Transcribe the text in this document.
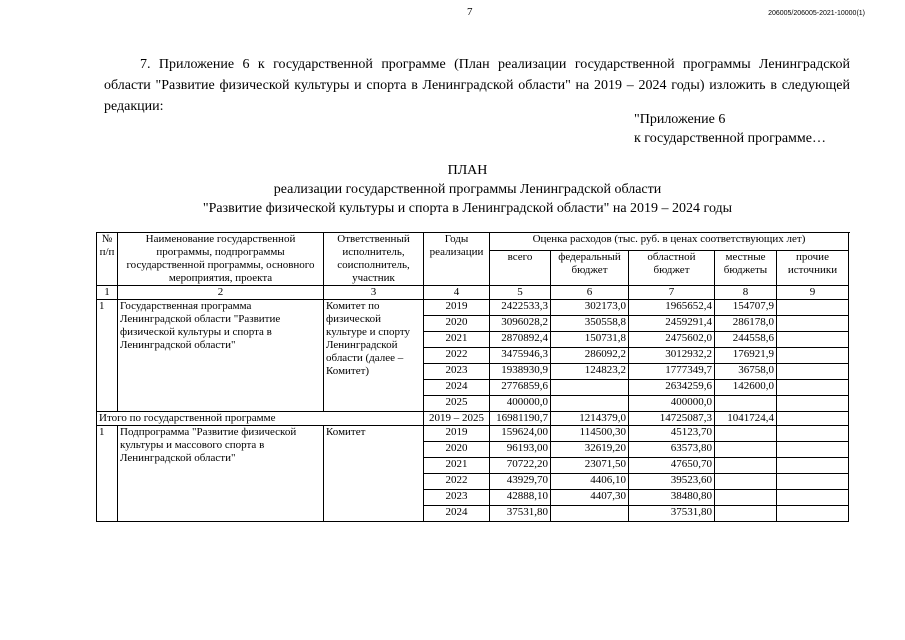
7	206005/206005-2021-10000(1)
7. Приложение 6 к государственной программе (План реализации государственной программы Ленинградской области "Развитие физической культуры и спорта в Ленинградской области" на 2019 – 2024 годы) изложить в следующей редакции:
"Приложение 6
к государственной программе…
ПЛАН
реализации государственной программы Ленинградской области
"Развитие физической культуры и спорта в Ленинградской области" на 2019 – 2024 годы
№ п/п	Наименование государственной программы, подпрограммы государственной программы, основного мероприятия, проекта	Ответственный исполнитель, соисполнитель, участник	Годы реализации	Оценка расходов (тыс. руб. в ценах соответствующих лет)				
				всего	федеральный бюджет	областной бюджет	местные бюджеты	прочие источники
1	2	3	4	5	6	7	8	9
1	Государственная программа Ленинградской области "Развитие физической культуры и спорта в Ленинградской области"	Комитет по физической культуре и спорту Ленинградской области (далее – Комитет)	2019	2422533,3	302173,0	1965652,4	154707,9	
			2020	3096028,2	350558,8	2459291,4	286178,0	
			2021	2870892,4	150731,8	2475602,0	244558,6	
			2022	3475946,3	286092,2	3012932,2	176921,9	
			2023	1938930,9	124823,2	1777349,7	36758,0	
			2024	2776859,6		2634259,6	142600,0	
			2025	400000,0		400000,0		
Итого по государственной программе			2019 – 2025	16981190,7	1214379,0	14725087,3	1041724,4	
1	Подпрограмма "Развитие физической культуры и массового спорта в Ленинградской области"	Комитет	2019	159624,00	114500,30	45123,70		
			2020	96193,00	32619,20	63573,80		
			2021	70722,20	23071,50	47650,70		
			2022	43929,70	4406,10	39523,60		
			2023	42888,10	4407,30	38480,80		
			2024	37531,80		37531,80		
